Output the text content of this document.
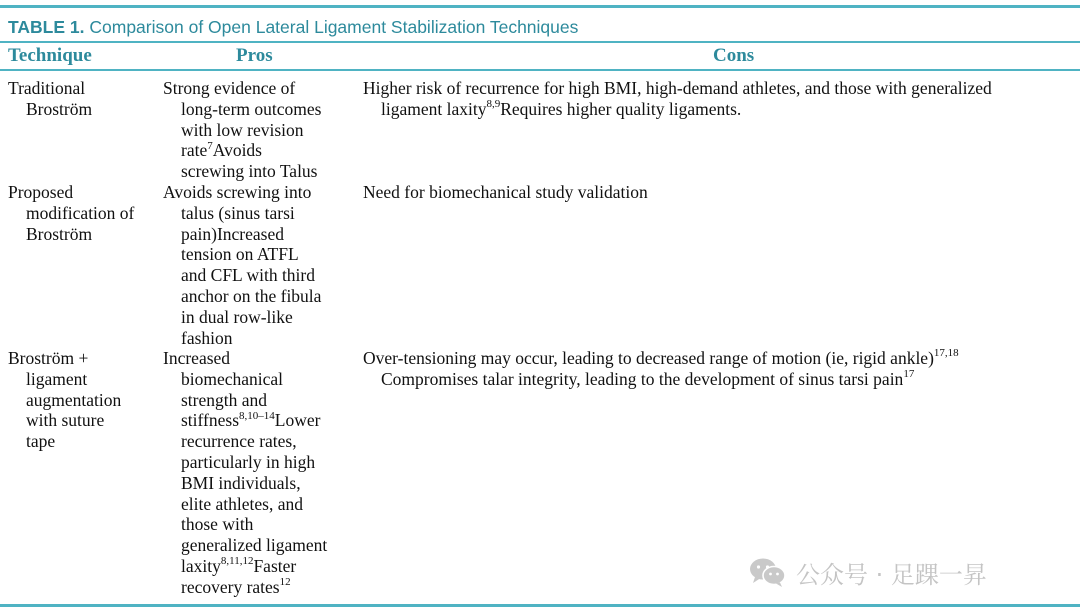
TABLE 1. Comparison of Open Lateral Ligament Stabilization Techniques
Technique	Pros	Cons
Traditional
Broström
Strong evidence of
long-term outcomes
with low revision
rate$^7$Avoids
screwing into Talus
Higher risk of recurrence for high BMI, high-demand athletes, and those with generalized
ligament laxity$^{8,9}$Requires higher quality ligaments.
Proposed
modification of
Broström
Avoids screwing into
talus (sinus tarsi
pain)Increased
tension on ATFL
and CFL with third
anchor on the fibula
in dual row-like
fashion
Need for biomechanical study validation
Broström +
ligament
augmentation
with suture
tape
Increased
biomechanical
strength and
stiffness$^{8,10-14}$Lower
recurrence rates,
particularly in high
BMI individuals,
elite athletes, and
those with
generalized ligament
laxity$^{8,11,12}$Faster
recovery rates$^{12}$
Over-tensioning may occur, leading to decreased range of motion (ie, rigid ankle)$^{17,18}$
Compromises talar integrity, leading to the development of sinus tarsi pain$^{17}$
公众号 · 足踝一昇
